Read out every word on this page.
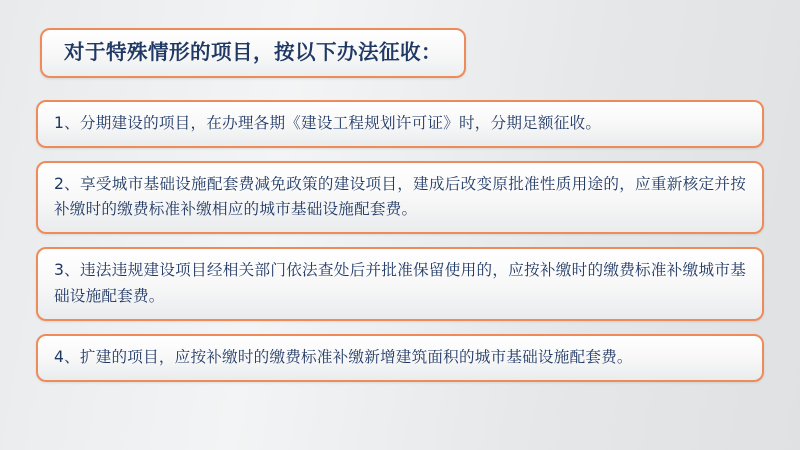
对于特殊情形的项目，按以下办法征收：
1、分期建设的项目，在办理各期《建设工程规划许可证》时，分期足额征收。
2、享受城市基础设施配套费减免政策的建设项目，建成后改变原批准性质用途的，应重新核定并按补缴时的缴费标准补缴相应的城市基础设施配套费。
3、违法违规建设项目经相关部门依法查处后并批准保留使用的，应按补缴时的缴费标准补缴城市基础设施配套费。
4、扩建的项目，应按补缴时的缴费标准补缴新增建筑面积的城市基础设施配套费。
